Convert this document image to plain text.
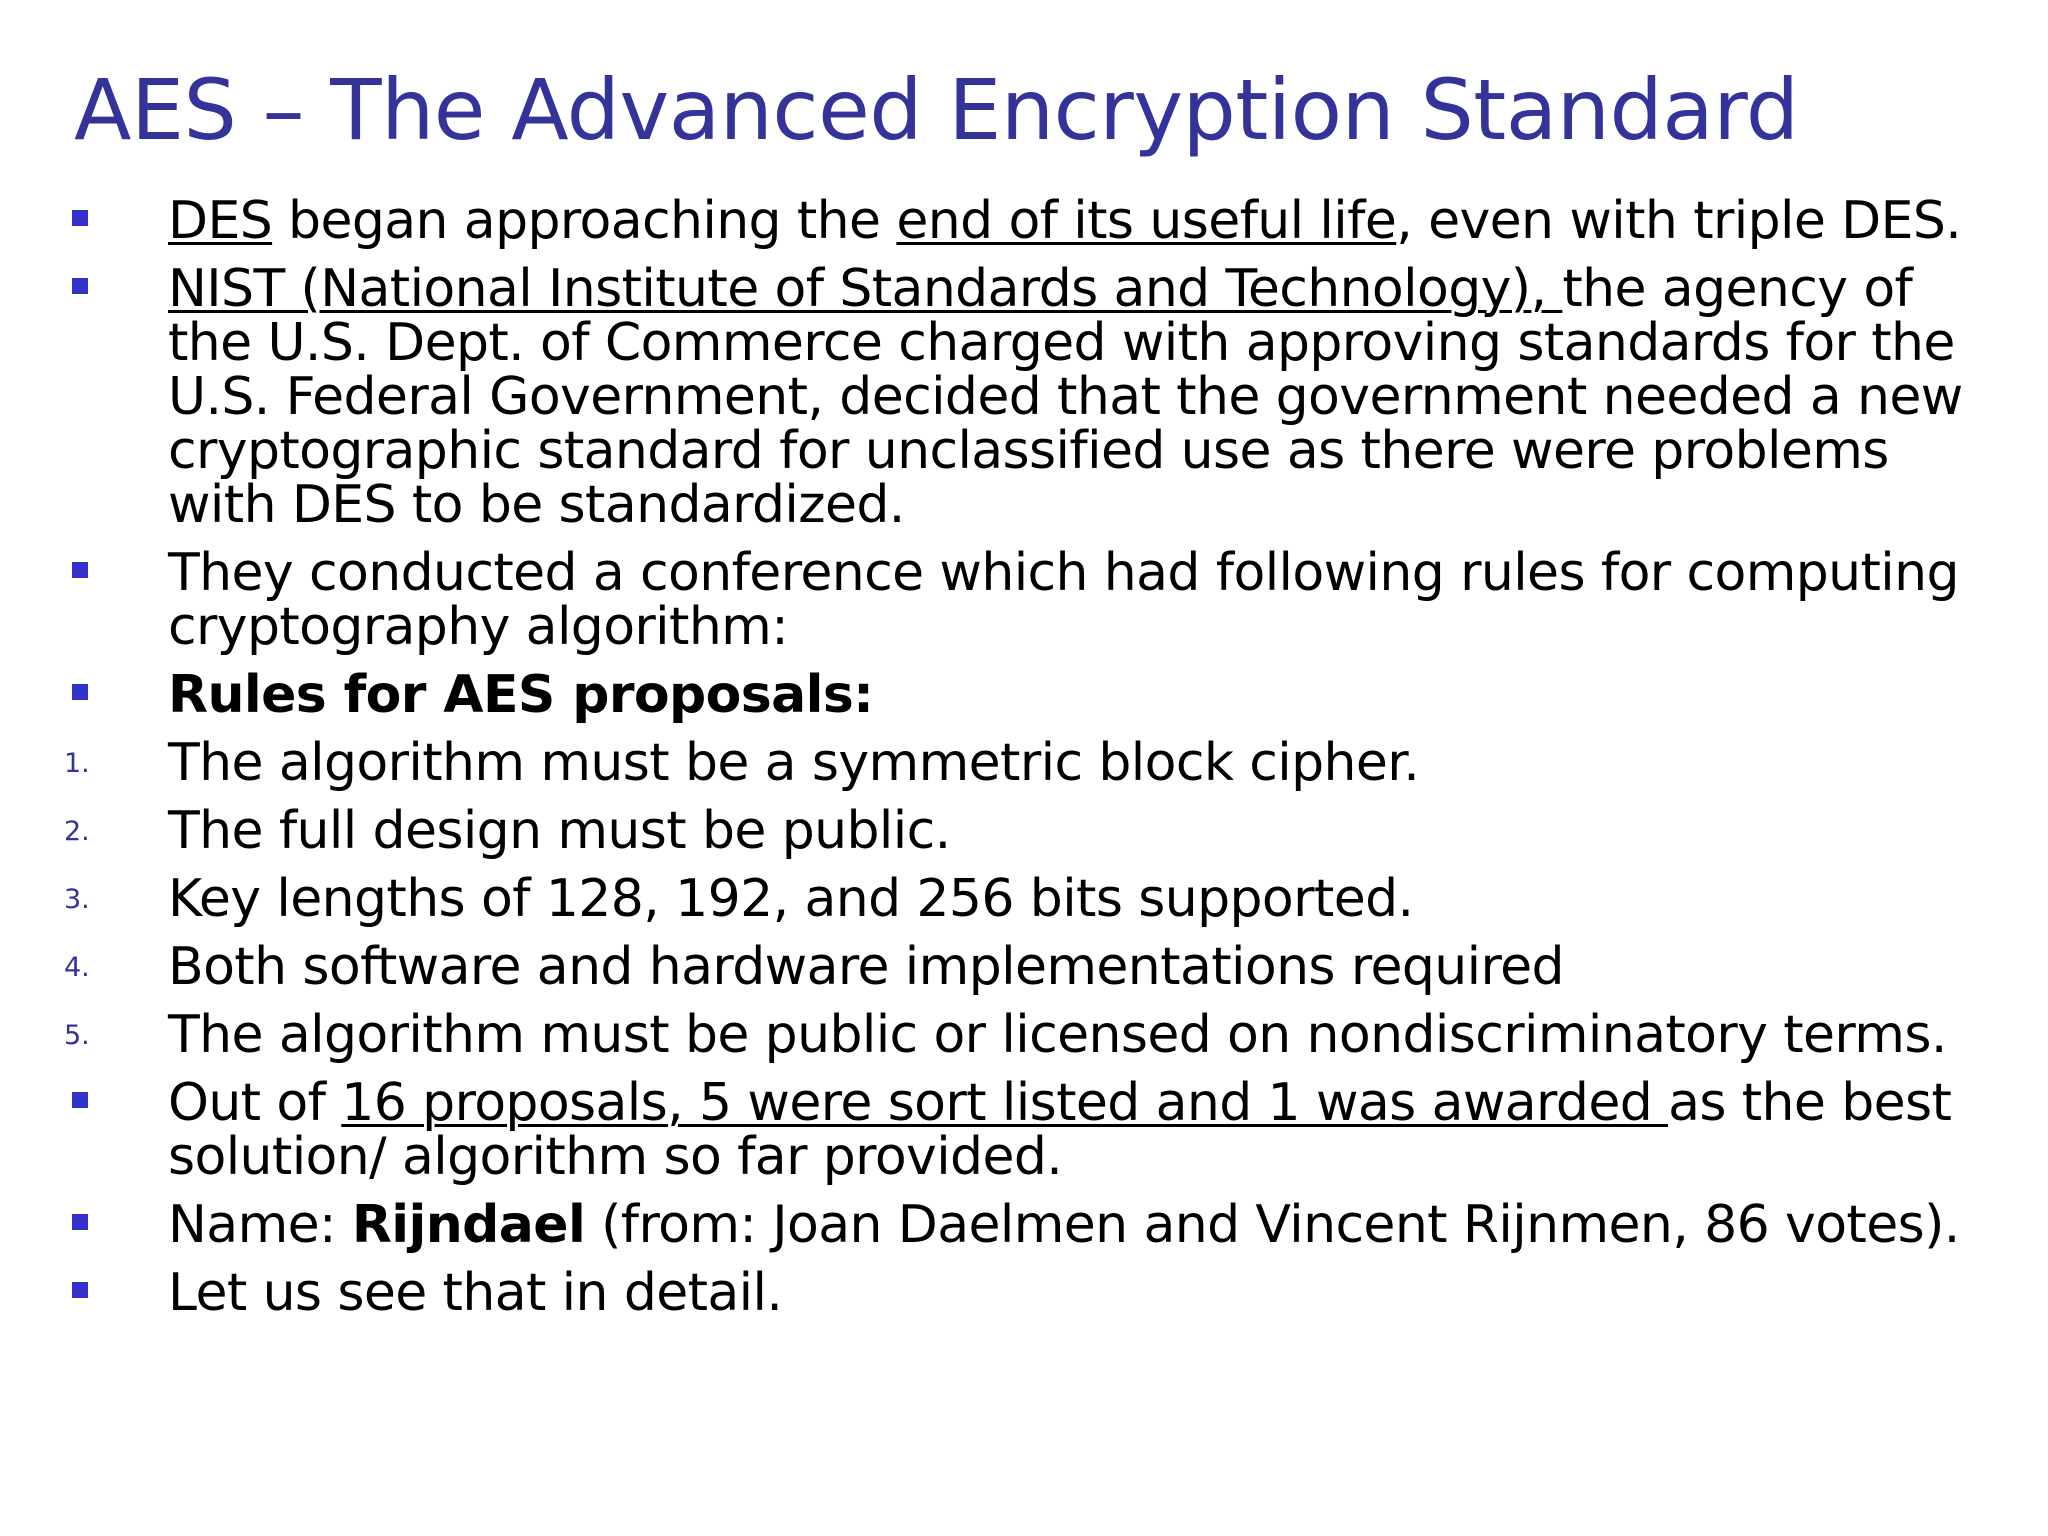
AES – The Advanced Encryption Standard
DES began approaching the end of its useful life, even with triple DES.
NIST (National Institute of Standards and Technology), the agency of the U.S. Dept. of Commerce charged with approving standards for the U.S. Federal Government, decided that the government needed a new cryptographic standard for unclassified use as there were problems with DES to be standardized.
They conducted a conference which had following rules for computing cryptography algorithm:
Rules for AES proposals:
1. The algorithm must be a symmetric block cipher.
2. The full design must be public.
3. Key lengths of 128, 192, and 256 bits supported.
4. Both software and hardware implementations required
5. The algorithm must be public or licensed on nondiscriminatory terms.
Out of 16 proposals, 5 were sort listed and 1 was awarded as the best solution/ algorithm so far provided.
Name: Rijndael (from: Joan Daelmen and Vincent Rijnmen, 86 votes).
Let us see that in detail.
